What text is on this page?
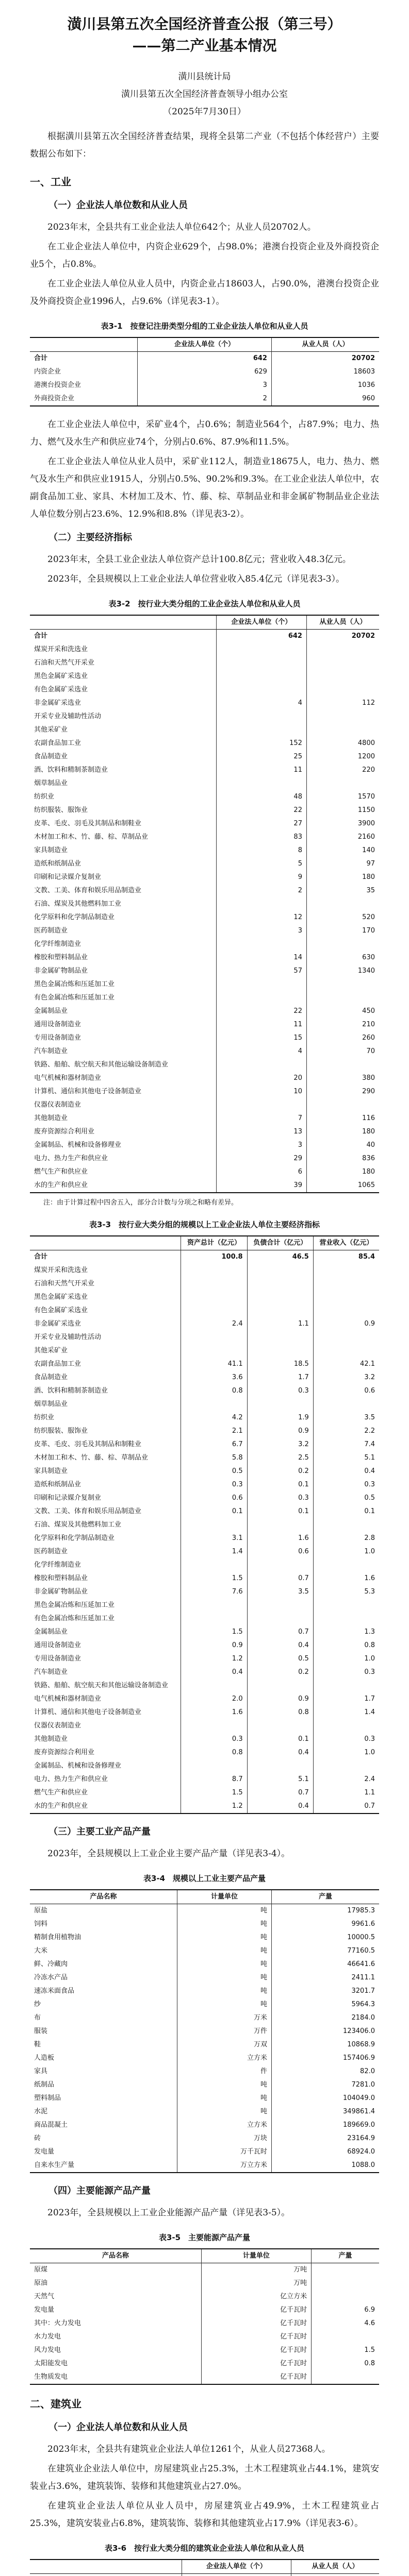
潢川县第五次全国经济普查公报（第三号）
——第二产业基本情况
潢川县统计局
潢川县第五次全国经济普查领导小组办公室
（2025年7月30日）

根据潢川县第五次全国经济普查结果，现将全县第二产业（不包括个体经营户）主要数据公布如下：

一、工业
（一）企业法人单位数和从业人员

2023年末，全县共有工业企业法人单位642个；从业人员20702人。

在工业企业法人单位中，内资企业629个，占98.0%；港澳台投资企业及外商投资企业5个，占0.8%。

在工业企业法人单位从业人员中，内资企业占18603人，占90.0%，港澳台投资企业及外商投资企业1996人，占9.6%（详见表3-1）。

表3-1　按登记注册类型分组的工业企业法人单位和从业人员
	企业法人单位（个）	从业人员（人）
合计	642	20702
内资企业	629	18603
港澳台投资企业	3	1036
外商投资企业	2	960

在工业企业法人单位中，采矿业4个，占0.6%；制造业564个，占87.9%；电力、热力、燃气及水生产和供应业74个，分别占0.6%、87.9%和11.5%。

在工业企业法人单位从业人员中，采矿业112人，制造业18675人，电力、热力、燃气及水生产和供应业1915人，分别占0.5%、90.2%和9.3%。在工业企业法人单位中，农副食品加工业、家具、木材加工及木、竹、藤、棕、草制品业和非金属矿物制品业企业法人单位数分别占23.6%、12.9%和8.8%（详见表3-2）。

（二）主要经济指标

2023年末，全县工业企业法人单位资产总计100.8亿元；营业收入48.3亿元。

2023年，全县规模以上工业企业法人单位营业收入85.4亿元（详见表3-3）。

表3-2　按行业大类分组的工业企业法人单位和从业人员
	企业法人单位（个）	从业人员（人）
合计	642	20702
煤炭开采和洗选业		
石油和天然气开采业		
黑色金属矿采选业		
有色金属矿采选业		
非金属矿采选业	4	112
开采专业及辅助性活动		
其他采矿业		
农副食品加工业	152	4800
食品制造业	25	1200
酒、饮料和精制茶制造业	11	220
烟草制品业		
纺织业	48	1570
纺织服装、服饰业	22	1150
皮革、毛皮、羽毛及其制品和制鞋业	27	3900
木材加工和木、竹、藤、棕、草制品业	83	2160
家具制造业	8	140
造纸和纸制品业	5	97
印刷和记录媒介复制业	9	180
文教、工美、体育和娱乐用品制造业	2	35
石油、煤炭及其他燃料加工业		
化学原料和化学制品制造业	12	520
医药制造业	3	170
化学纤维制造业		
橡胶和塑料制品业	14	630
非金属矿物制品业	57	1340
黑色金属冶炼和压延加工业		
有色金属冶炼和压延加工业		
金属制品业	22	450
通用设备制造业	11	210
专用设备制造业	15	260
汽车制造业	4	70
铁路、船舶、航空航天和其他运输设备制造业		
电气机械和器材制造业	20	380
计算机、通信和其他电子设备制造业	10	290
仪器仪表制造业		
其他制造业	7	116
废弃资源综合利用业	13	180
金属制品、机械和设备修理业	3	40
电力、热力生产和供应业	29	836
燃气生产和供应业	6	180
水的生产和供应业	39	1065

注：由于计算过程中四舍五入，部分合计数与分项之和略有差异。

表3-3　按行业大类分组的规模以上工业企业法人单位主要经济指标
	资产总计（亿元）	负债合计（亿元）	营业收入（亿元）
合计	100.8	46.5	85.4
煤炭开采和洗选业			
石油和天然气开采业			
黑色金属矿采选业			
有色金属矿采选业			
非金属矿采选业	2.4	1.1	0.9
开采专业及辅助性活动			
其他采矿业			
农副食品加工业	41.1	18.5	42.1
食品制造业	3.6	1.7	3.2
酒、饮料和精制茶制造业	0.8	0.3	0.6
烟草制品业			
纺织业	4.2	1.9	3.5
纺织服装、服饰业	2.1	0.9	2.2
皮革、毛皮、羽毛及其制品和制鞋业	6.7	3.2	7.4
木材加工和木、竹、藤、棕、草制品业	5.8	2.5	5.1
家具制造业	0.5	0.2	0.4
造纸和纸制品业	0.3	0.1	0.3
印刷和记录媒介复制业	0.6	0.3	0.5
文教、工美、体育和娱乐用品制造业	0.1	0.1	0.1
石油、煤炭及其他燃料加工业			
化学原料和化学制品制造业	3.1	1.6	2.8
医药制造业	1.4	0.6	1.0
化学纤维制造业			
橡胶和塑料制品业	1.5	0.7	1.6
非金属矿物制品业	7.6	3.5	5.3
黑色金属冶炼和压延加工业			
有色金属冶炼和压延加工业			
金属制品业	1.5	0.7	1.3
通用设备制造业	0.9	0.4	0.8
专用设备制造业	1.2	0.5	1.0
汽车制造业	0.4	0.2	0.3
铁路、船舶、航空航天和其他运输设备制造业			
电气机械和器材制造业	2.0	0.9	1.7
计算机、通信和其他电子设备制造业	1.6	0.8	1.4
仪器仪表制造业			
其他制造业	0.3	0.1	0.3
废弃资源综合利用业	0.8	0.4	1.0
金属制品、机械和设备修理业			
电力、热力生产和供应业	8.7	5.1	2.4
燃气生产和供应业	1.5	0.7	1.1
水的生产和供应业	1.2	0.4	0.7
（三）主要工业产品产量

2023年，全县规模以上工业企业主要产品产量（详见表3-4）。

表3-4　规模以上工业主要产品产量
产品名称	计量单位	产量
原盐	吨	17985.3
饲料	吨	9961.6
精制食用植物油	吨	10000.5
大米	吨	77160.5
鲜、冷藏肉	吨	46641.6
冷冻水产品	吨	2411.1
速冻米面食品	吨	3201.7
纱	吨	5964.3
布	万米	2184.0
服装	万件	123406.0
鞋	万双	10868.9
人造板	立方米	157406.9
家具	件	82.0
纸制品	吨	7281.0
塑料制品	吨	104049.0
水泥	吨	349861.4
商品混凝土	立方米	189669.0
砖	万块	23164.9
发电量	万千瓦时	68924.0
自来水生产量	万立方米	1088.0
（四）主要能源产品产量

2023年，全县规模以上工业企业能源产品产量（详见表3-5）。

表3-5　主要能源产品产量
产品名称	计量单位	产量
原煤	万吨	
原油	万吨	
天然气	亿立方米	
发电量	亿千瓦时	6.9
其中：火力发电	亿千瓦时	4.6
水力发电	亿千瓦时	
风力发电	亿千瓦时	1.5
太阳能发电	亿千瓦时	0.8
生物质发电	亿千瓦时	
二、建筑业
（一）企业法人单位数和从业人员

2023年末，全县共有建筑业企业法人单位1261个，从业人员27368人。

在建筑业企业法人单位中，房屋建筑业占25.3%，土木工程建筑业占44.1%，建筑安装业占3.6%，建筑装饰、装修和其他建筑业占27.0%。

在建筑业企业法人单位从业人员中，房屋建筑业占49.9%，土木工程建筑业占25.3%，建筑安装业占6.8%，建筑装饰、装修和其他建筑业占17.9%（详见表3-6）。

表3-6　按行业大类分组的建筑业企业法人单位和从业人员
	企业法人单位（个）	从业人员（人）
